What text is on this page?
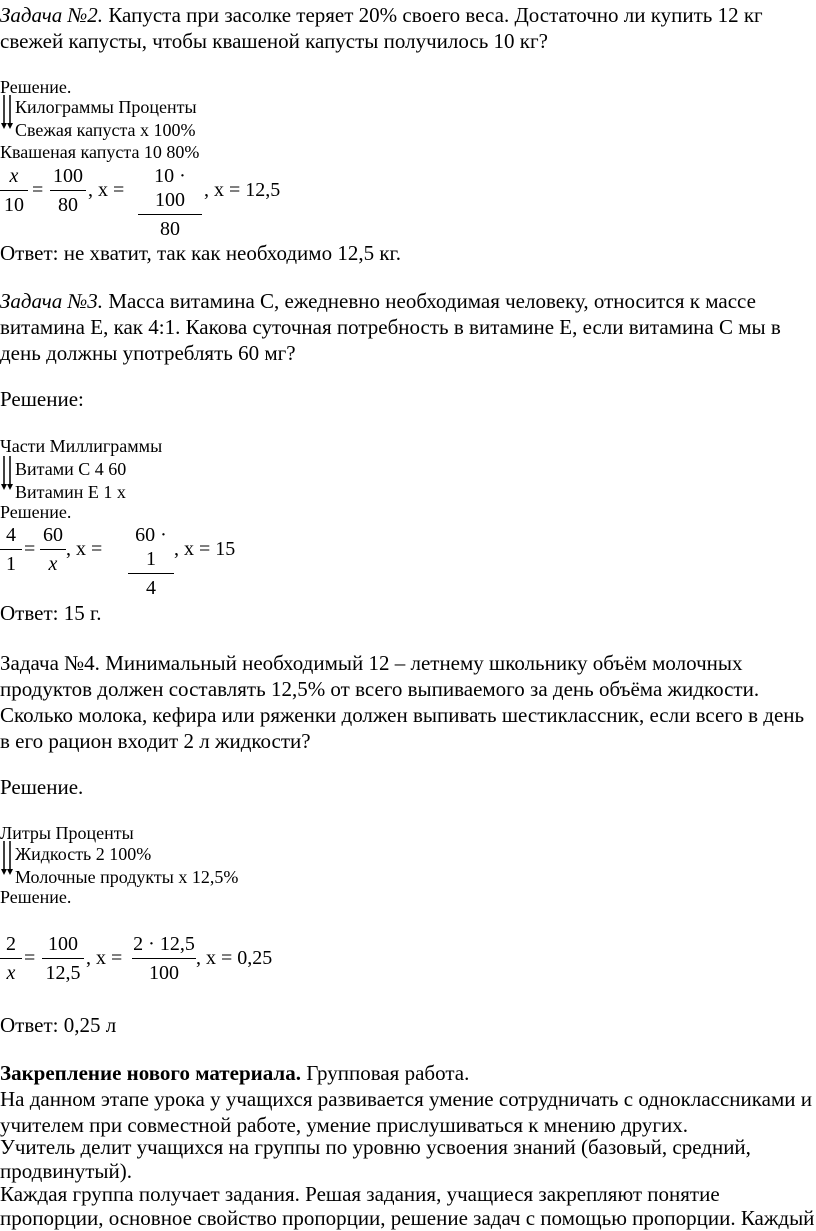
Задача №2. Капуста при засолке теряет 20% своего веса. Достаточно ли купить 12 кг
свежей капусты, чтобы квашеной капусты получилось 10 кг?
Решение.
Килограммы Проценты
Свежая капуста х 100%
Квашеная капуста 10 80%
x
10
=
100
80
, x =
10 · 100
80
, x = 12,5
Ответ: не хватит, так как необходимо 12,5 кг.
Задача №3. Масса витамина С, ежедневно необходимая человеку, относится к массе
витамина Е, как 4:1. Какова суточная потребность в витамине Е, если витамина С мы в
день должны употреблять 60 мг?
Решение:
Части Миллиграммы
Витами С 4 60
Витамин Е 1 х
Решение.
4
1
=
60
x
, x =
60 · 1
4
, x = 15
Ответ: 15 г.
Задача №4. Минимальный необходимый 12 – летнему школьнику объём молочных
продуктов должен составлять 12,5% от всего выпиваемого за день объёма жидкости.
Сколько молока, кефира или ряженки должен выпивать шестиклассник, если всего в день
в его рацион входит 2 л жидкости?
Решение.
Литры Проценты
Жидкость 2 100%
Молочные продукты х 12,5%
Решение.
2
x
=
100
12,5
, x =
2 · 12,5
100
, x = 0,25
Ответ: 0,25 л
Закрепление нового материала. Групповая работа.
На данном этапе урока у учащихся развивается умение сотрудничать с одноклассниками и
учителем при совместной работе, умение прислушиваться к мнению других.
Учитель делит учащихся на группы по уровню усвоения знаний (базовый, средний,
продвинутый).
Каждая группа получает задания. Решая задания, учащиеся закрепляют понятие
пропорции, основное свойство пропорции, решение задач с помощью пропорции. Каждый
